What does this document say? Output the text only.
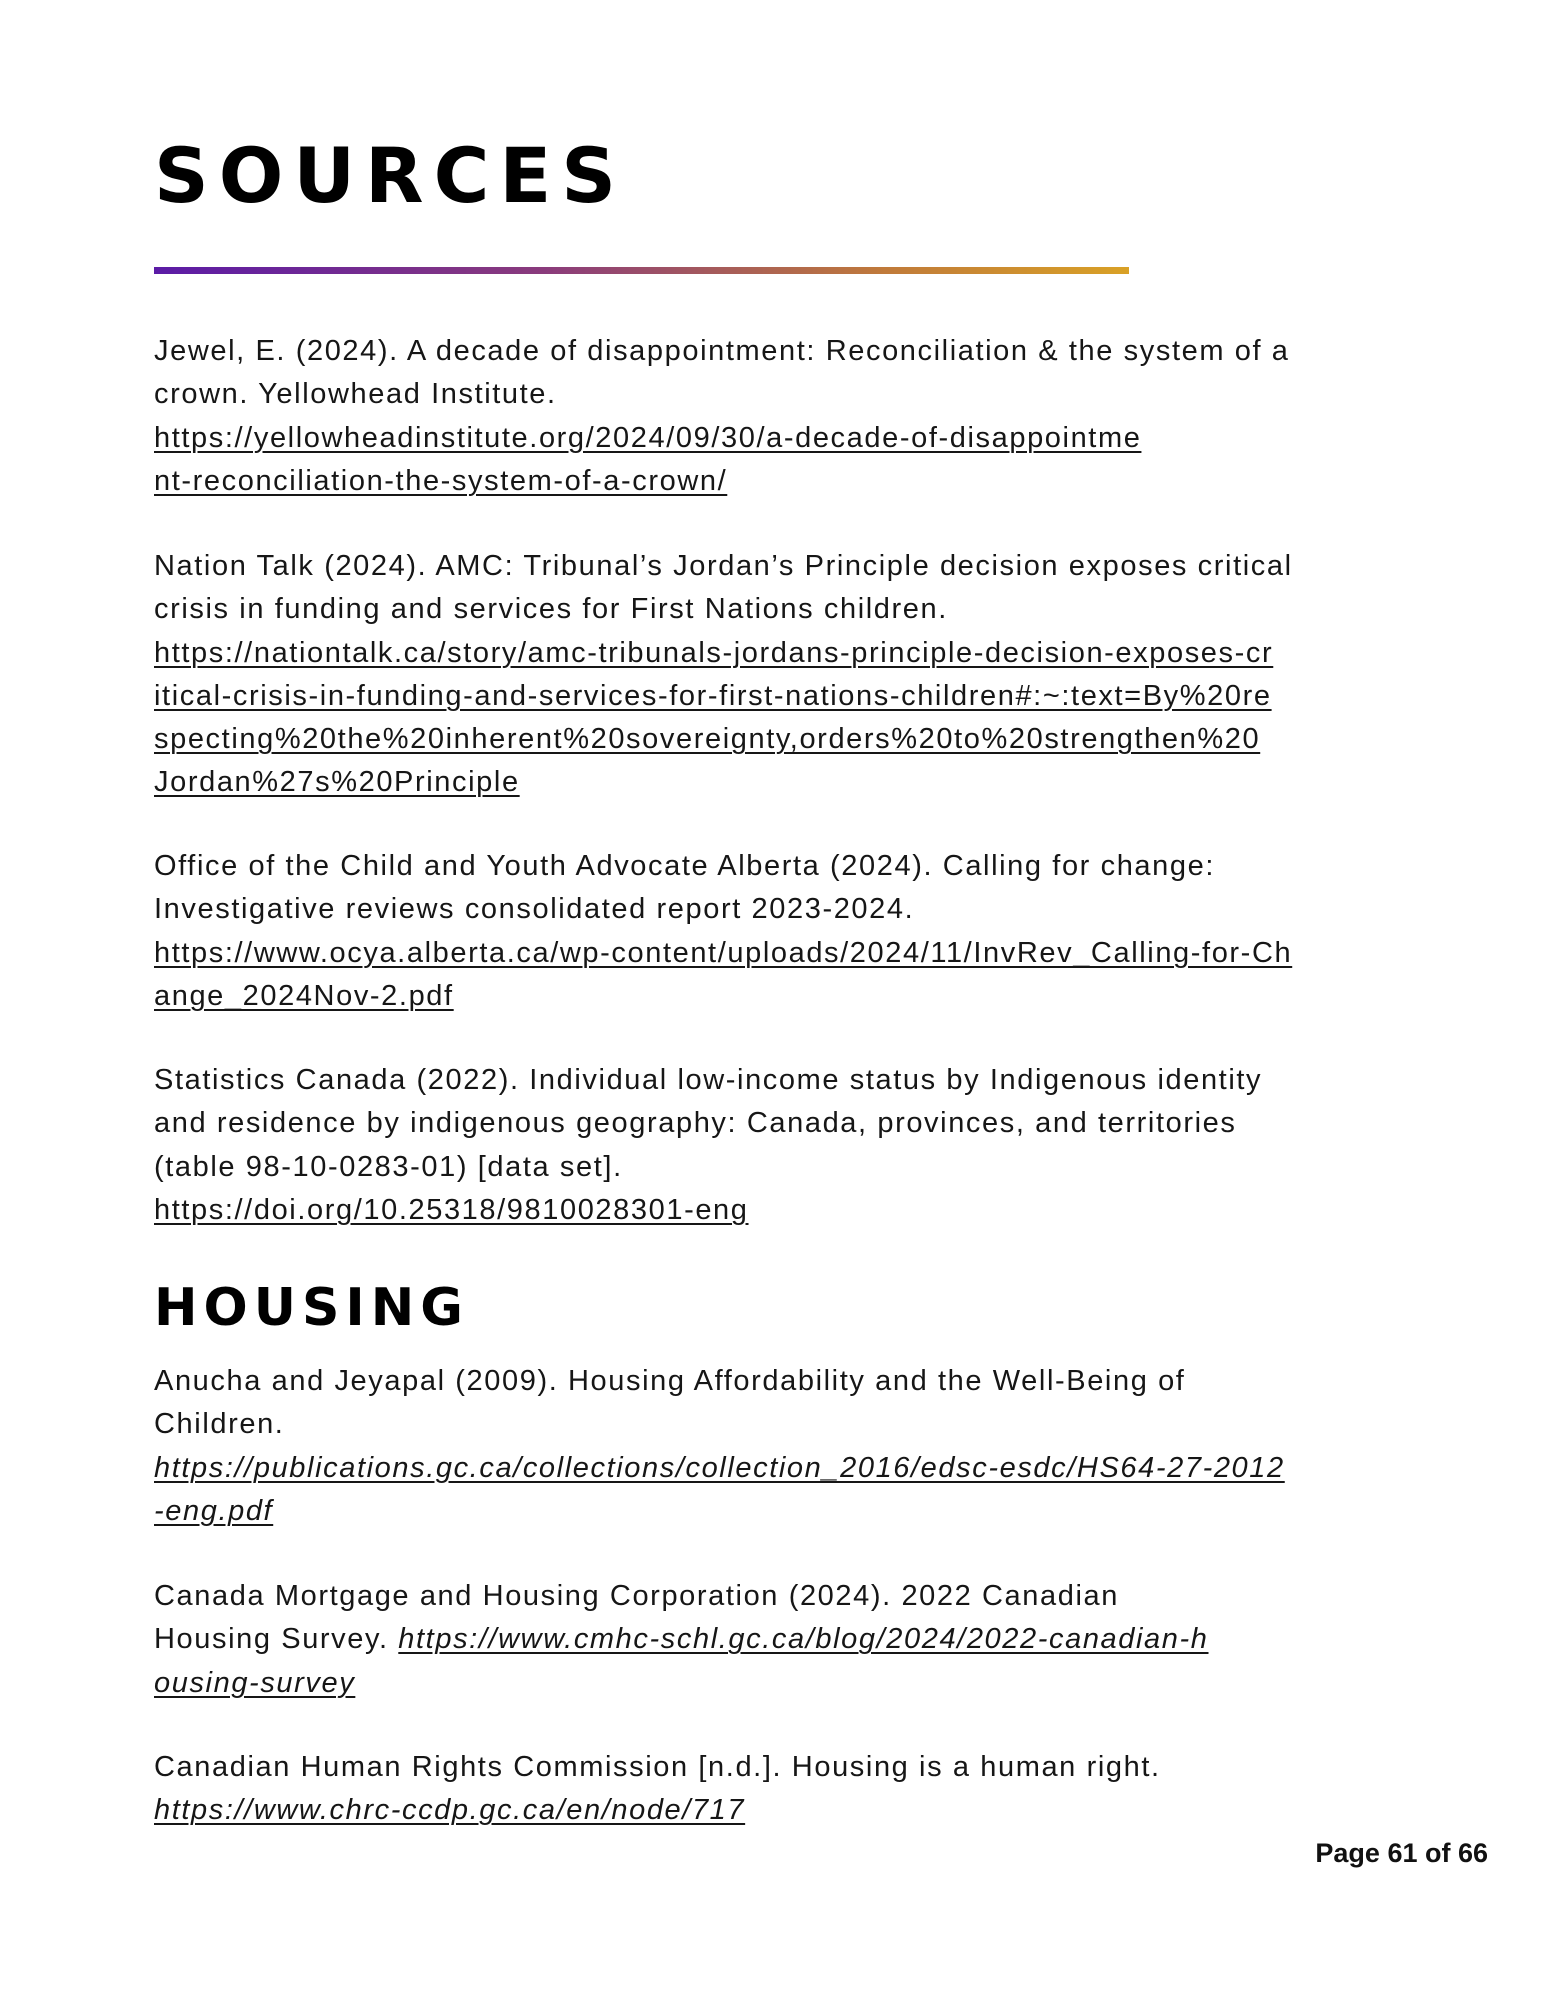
SOURCES

Jewel, E. (2024). A decade of disappointment: Reconciliation & the system of a crown. Yellowhead Institute.
https://yellowheadinstitute.org/2024/09/30/a-decade-of-disappointment-reconciliation-the-system-of-a-crown/

Nation Talk (2024). AMC: Tribunal’s Jordan’s Principle decision exposes critical crisis in funding and services for First Nations children.
https://nationtalk.ca/story/amc-tribunals-jordans-principle-decision-exposes-critical-crisis-in-funding-and-services-for-first-nations-children#:~:text=By%20respecting%20the%20inherent%20sovereignty,orders%20to%20strengthen%20Jordan%27s%20Principle

Office of the Child and Youth Advocate Alberta (2024). Calling for change: Investigative reviews consolidated report 2023-2024.
https://www.ocya.alberta.ca/wp-content/uploads/2024/11/InvRev_Calling-for-Change_2024Nov-2.pdf

Statistics Canada (2022). Individual low-income status by Indigenous identity and residence by indigenous geography: Canada, provinces, and territories (table 98-10-0283-01) [data set].
https://doi.org/10.25318/9810028301-eng

HOUSING

Anucha and Jeyapal (2009). Housing Affordability and the Well-Being of Children.
https://publications.gc.ca/collections/collection_2016/edsc-esdc/HS64-27-2012-eng.pdf

Canada Mortgage and Housing Corporation (2024). 2022 Canadian Housing Survey. https://www.cmhc-schl.gc.ca/blog/2024/2022-canadian-housing-survey

Canadian Human Rights Commission [n.d.]. Housing is a human right.
https://www.chrc-ccdp.gc.ca/en/node/717

Page 61 of 66
